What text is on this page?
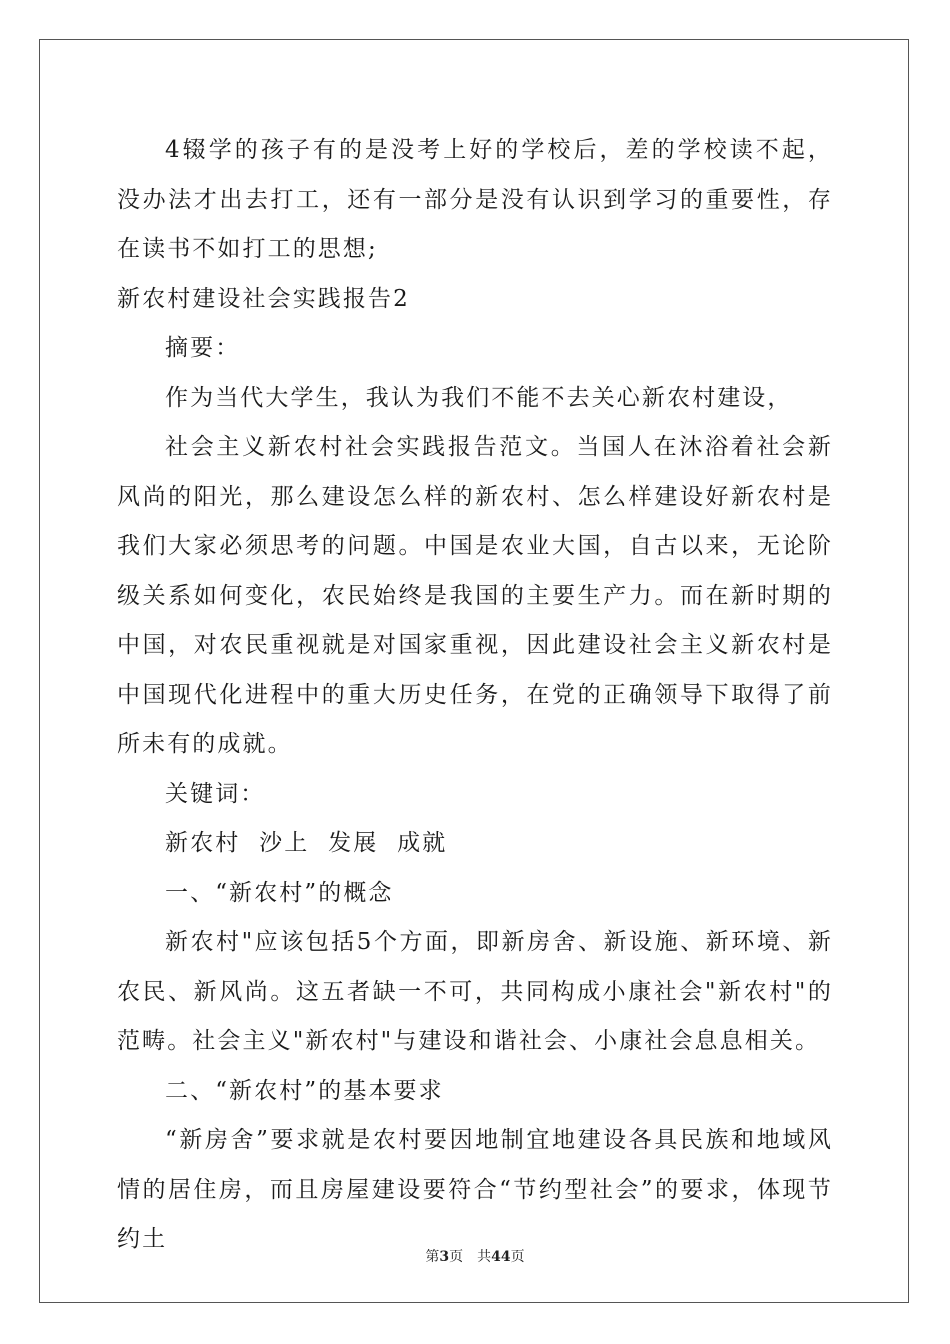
4辍学的孩子有的是没考上好的学校后，差的学校读不起，没办法才出去打工，还有一部分是没有认识到学习的重要性，存在读书不如打工的思想;

新农村建设社会实践报告2

摘要：

作为当代大学生，我认为我们不能不去关心新农村建设，

社会主义新农村社会实践报告范文。当国人在沐浴着社会新风尚的阳光，那么建设怎么样的新农村、怎么样建设好新农村是我们大家必须思考的问题。中国是农业大国，自古以来，无论阶级关系如何变化，农民始终是我国的主要生产力。而在新时期的中国，对农民重视就是对国家重视，因此建设社会主义新农村是中国现代化进程中的重大历史任务，在党的正确领导下取得了前所未有的成就。

关键词：

新农村  沙上  发展  成就

一、“新农村”的概念

新农村"应该包括5个方面，即新房舍、新设施、新环境、新农民、新风尚。这五者缺一不可，共同构成小康社会"新农村"的范畴。社会主义"新农村"与建设和谐社会、小康社会息息相关。

二、“新农村”的基本要求

“新房舍”要求就是农村要因地制宜地建设各具民族和地域风情的居住房，而且房屋建设要符合“节约型社会”的要求，体现节约土

第3页 共44页
